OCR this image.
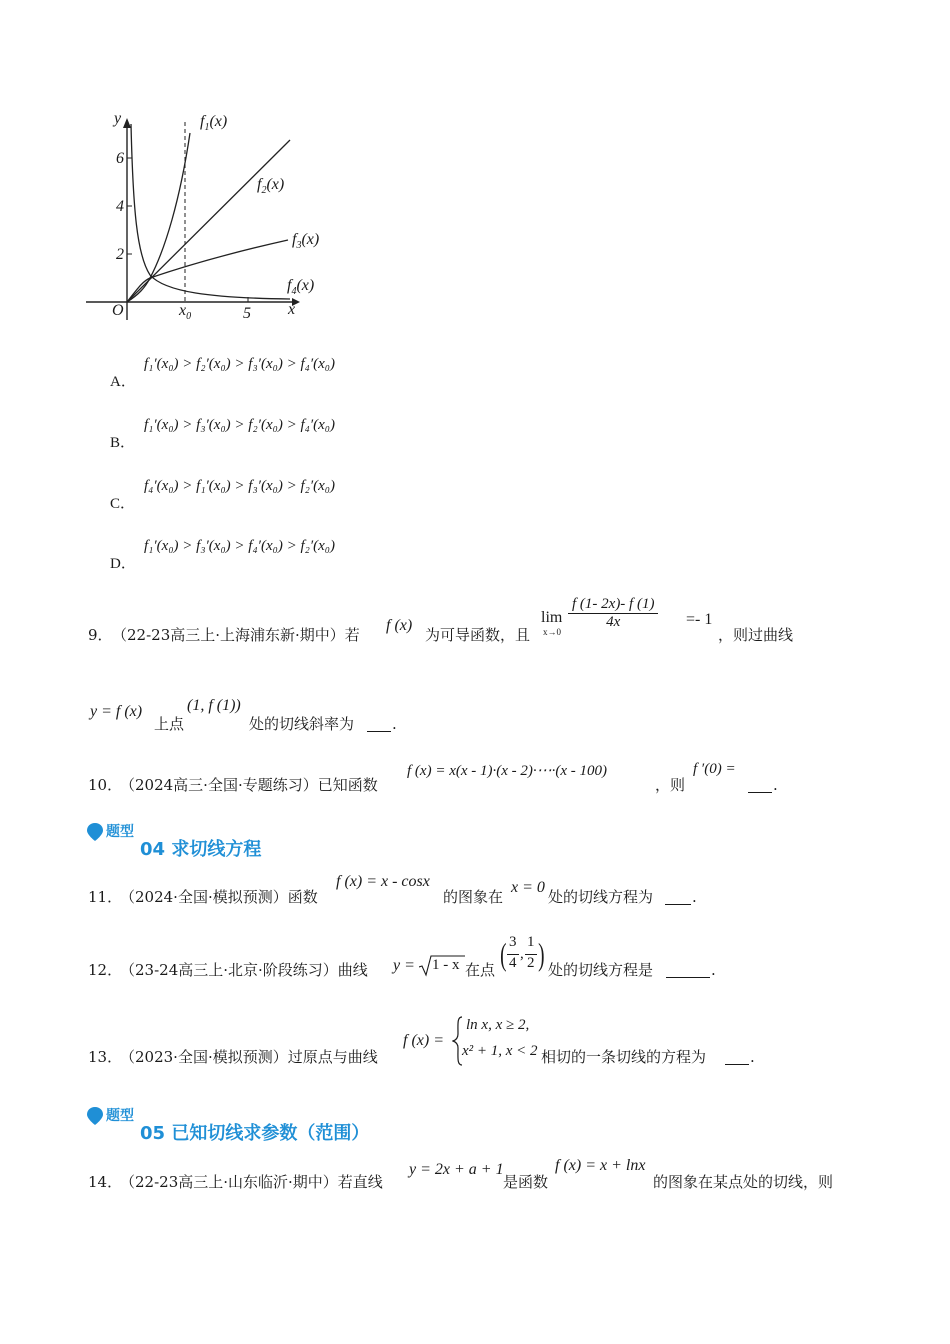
y
x
O
6
4
2
5
$x_0$
$f_1(x)$
$f_2(x)$
$f_3(x)$
$f_4(x)$
A．
f₁′(x₀) > f₂′(x₀) > f₃′(x₀) > f₄′(x₀)
B．
f₁′(x₀) > f₃′(x₀) > f₂′(x₀) > f₄′(x₀)
C．
f₄′(x₀) > f₁′(x₀) > f₃′(x₀) > f₂′(x₀)
D．
f₁′(x₀) > f₃′(x₀) > f₄′(x₀) > f₂′(x₀)
9． （22-23高三上·上海浦东新·期中）若
f (x)
为可导函数，且
lim
x→0
f (1- 2x)- f (1)
4x	=- 1
，则过曲线
y = f (x)
上点
(1, f (1))
处的切线斜率为	.
10．
（2024高三·全国·专题练习）已知函数
f (x) = x(x - 1)·(x - 2)·⋯·(x - 100)
，则
f ′(0) =
.
题型
04 求切线方程
11．
（2024·全国·模拟预测）函数
f (x) = x - cosx
的图象在
x = 0
处的切线方程为	.
12．
（23-24高三上·北京·阶段练习）曲线 y = 1 - x 在点 ( 3
4
,
1
2 ) 处的切线方程是	.
13．
（2023·全国·模拟预测）过原点与曲线
f (x) =
ln x, x ≥ 2,
x² + 1, x < 2 相切的一条切线的方程为	.
题型
05 已知切线求参数（范围）
14．
（22-23高三上·山东临沂·期中）若直线
y = 2x + a + 1
是函数
f (x) = x + lnx
的图象在某点处的切线，则
